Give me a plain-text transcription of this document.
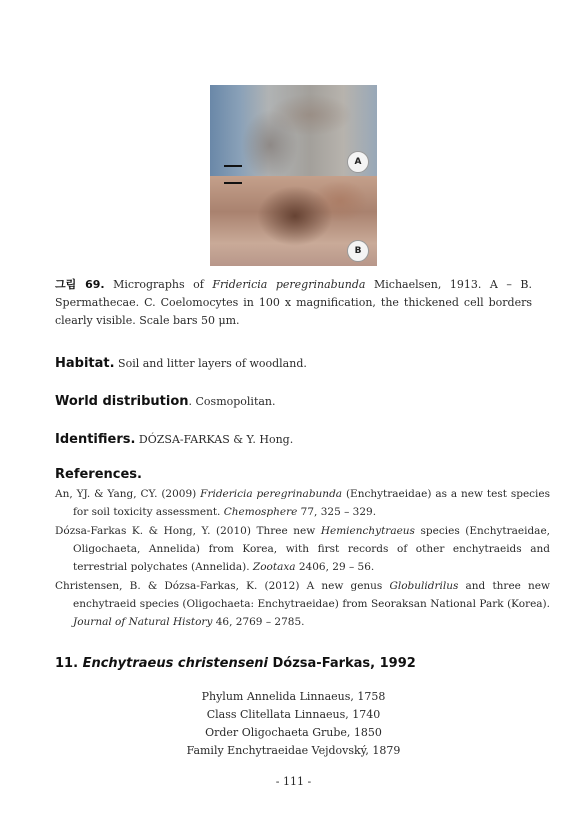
A
B
그림 69. Micrographs of Fridericia peregrinabunda Michaelsen, 1913. A – B. Spermathecae. C. Coelomocytes in 100 x magnification, the thickened cell borders clearly visible. Scale bars 50 μm.
Habitat. Soil and litter layers of woodland.
World distribution. Cosmopolitan.
Identifiers. DÓZSA-FARKAS & Y. Hong.
References.
An, YJ. & Yang, CY. (2009) Fridericia peregrinabunda (Enchytraeidae) as a new test species for soil toxicity assessment. Chemosphere 77, 325 – 329.
Dózsa-Farkas K. & Hong, Y. (2010) Three new Hemienchytraeus species (Enchytraeidae, Oligochaeta, Annelida) from Korea, with first records of other enchytraeids and terrestrial polychates (Annelida). Zootaxa 2406, 29 – 56.
Christensen, B. & Dózsa-Farkas, K. (2012) A new genus Globulidrilus and three new enchytraeid species (Oligochaeta: Enchytraeidae) from Seoraksan National Park (Korea). Journal of Natural History 46, 2769 – 2785.
11. Enchytraeus christenseni Dózsa-Farkas, 1992
Phylum Annelida Linnaeus, 1758
Class Clitellata Linnaeus, 1740
Order Oligochaeta Grube, 1850
Family Enchytraeidae Vejdovský, 1879
- 111 -
